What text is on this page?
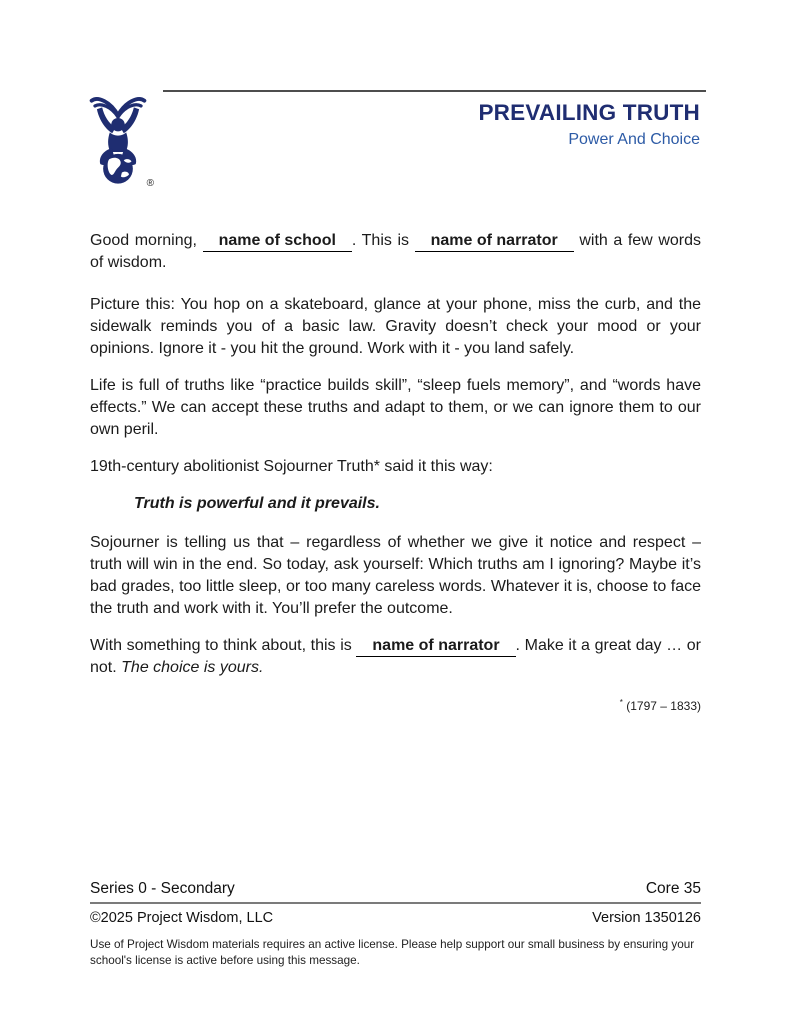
®
PREVAILING TRUTH
Power And Choice

Good morning, name of school . This is name of narrator with a few words of wisdom.

Picture this: You hop on a skateboard, glance at your phone, miss the curb, and the sidewalk reminds you of a basic law. Gravity doesn’t check your mood or your opinions. Ignore it - you hit the ground. Work with it - you land safely.

Life is full of truths like “practice builds skill”, “sleep fuels memory”, and “words have effects.” We can accept these truths and adapt to them, or we can ignore them to our own peril.

19th-century abolitionist Sojourner Truth* said it this way:

Truth is powerful and it prevails.

Sojourner is telling us that – regardless of whether we give it notice and respect – truth will win in the end. So today, ask yourself: Which truths am I ignoring? Maybe it’s bad grades, too little sleep, or too many careless words. Whatever it is, choose to face the truth and work with it. You’ll prefer the outcome.

With something to think about, this is name of narrator . Make it a great day … or not. The choice is yours.

* (1797 – 1833)
Series 0 - Secondary	Core 35
©2025 Project Wisdom, LLC	Version 1350126

Use of Project Wisdom materials requires an active license. Please help support our small business by ensuring your school's license is active before using this message.
